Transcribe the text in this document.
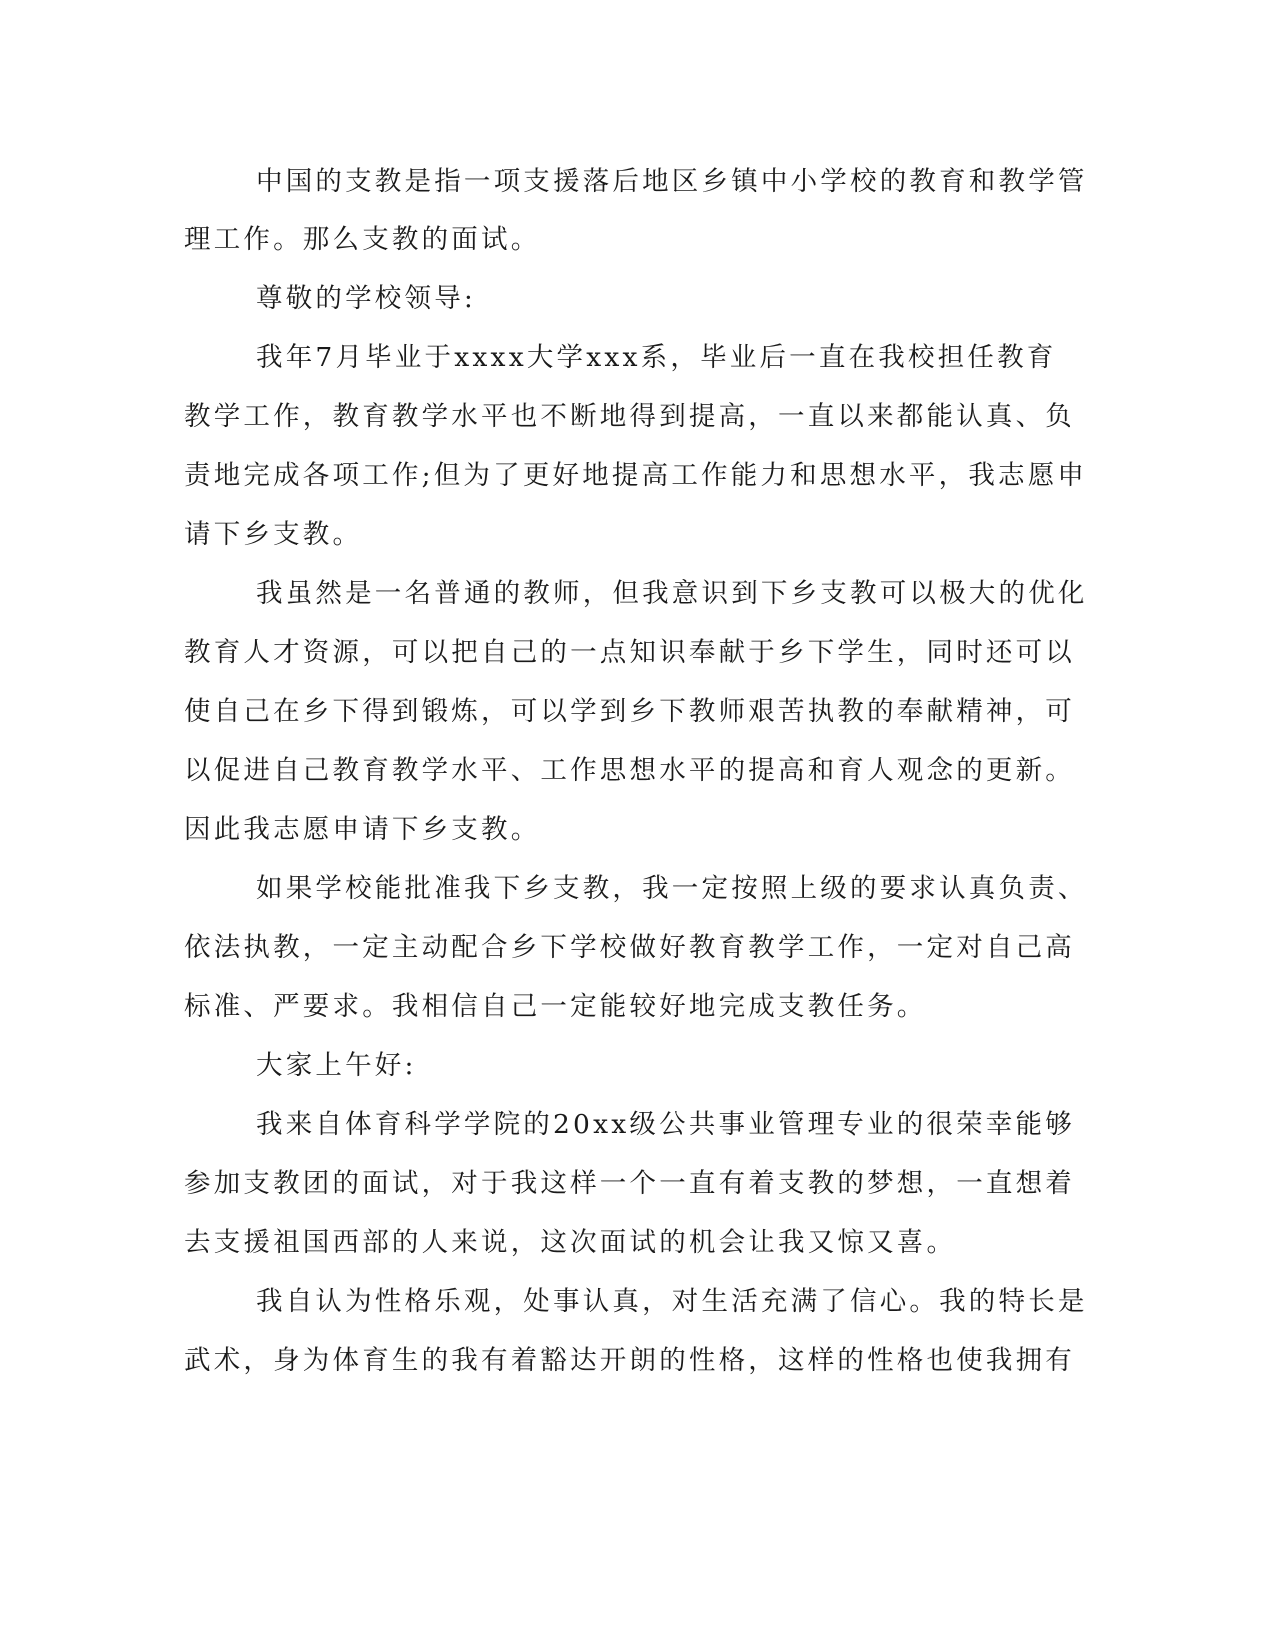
中国的支教是指一项支援落后地区乡镇中小学校的教育和教学管

理工作。那么支教的面试。

尊敬的学校领导:

我年7月毕业于xxxx大学xxx系，毕业后一直在我校担任教育

教学工作，教育教学水平也不断地得到提高，一直以来都能认真、负

责地完成各项工作;但为了更好地提高工作能力和思想水平，我志愿申

请下乡支教。

我虽然是一名普通的教师，但我意识到下乡支教可以极大的优化

教育人才资源，可以把自己的一点知识奉献于乡下学生，同时还可以

使自己在乡下得到锻炼，可以学到乡下教师艰苦执教的奉献精神，可

以促进自己教育教学水平、工作思想水平的提高和育人观念的更新。

因此我志愿申请下乡支教。

如果学校能批准我下乡支教，我一定按照上级的要求认真负责、

依法执教，一定主动配合乡下学校做好教育教学工作，一定对自己高

标准、严要求。我相信自己一定能较好地完成支教任务。

大家上午好:

我来自体育科学学院的20xx级公共事业管理专业的很荣幸能够

参加支教团的面试，对于我这样一个一直有着支教的梦想，一直想着

去支援祖国西部的人来说，这次面试的机会让我又惊又喜。

我自认为性格乐观，处事认真，对生活充满了信心。我的特长是

武术，身为体育生的我有着豁达开朗的性格，这样的性格也使我拥有
